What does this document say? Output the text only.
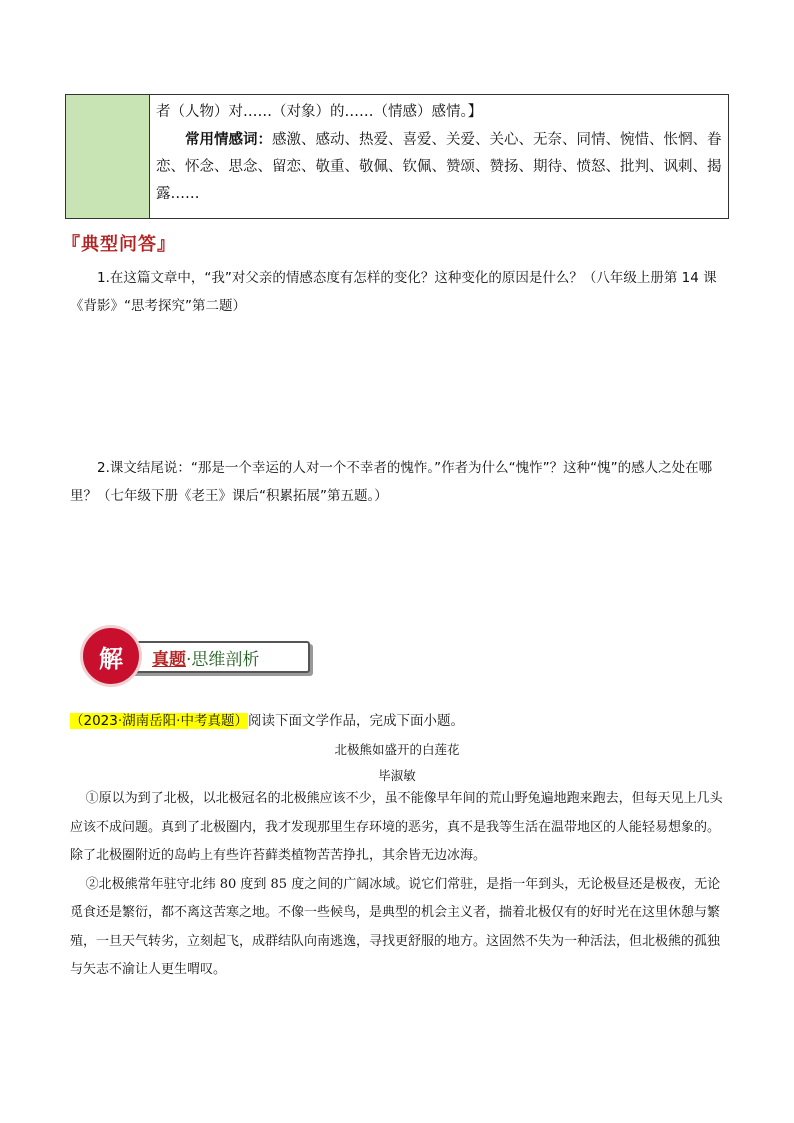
者（人物）对……（对象）的……（情感）感情。】

常用情感词：感激、感动、热爱、喜爱、关爱、关心、无奈、同情、惋惜、怅惘、眷恋、怀念、思念、留恋、敬重、敬佩、钦佩、赞颂、赞扬、期待、愤怒、批判、讽刺、揭露……

『典型问答』

1.在这篇文章中，“我”对父亲的情感态度有怎样的变化？这种变化的原因是什么？（八年级上册第 14 课《背影》“思考探究”第二题）

2.课文结尾说：“那是一个幸运的人对一个不幸者的愧怍。”作者为什么“愧怍”？这种“愧”的感人之处在哪里？（七年级下册《老王》课后“积累拓展”第五题。）

解	真题 ·思维剖析
（2023·湖南岳阳·中考真题）阅读下面文学作品，完成下面小题。
北极熊如盛开的白莲花
毕淑敏

①原以为到了北极，以北极冠名的北极熊应该不少，虽不能像早年间的荒山野兔遍地跑来跑去，但每天见上几头应该不成问题。真到了北极圈内，我才发现那里生存环境的恶劣，真不是我等生活在温带地区的人能轻易想象的。除了北极圈附近的岛屿上有些许苔藓类植物苦苦挣扎，其余皆无边冰海。

②北极熊常年驻守北纬 80 度到 85 度之间的广阔冰域。说它们常驻，是指一年到头，无论极昼还是极夜，无论觅食还是繁衍，都不离这苦寒之地。不像一些候鸟，是典型的机会主义者，揣着北极仅有的好时光在这里休憩与繁殖，一旦天气转劣，立刻起飞，成群结队向南逃逸，寻找更舒服的地方。这固然不失为一种活法，但北极熊的孤独与矢志不渝让人更生喟叹。
